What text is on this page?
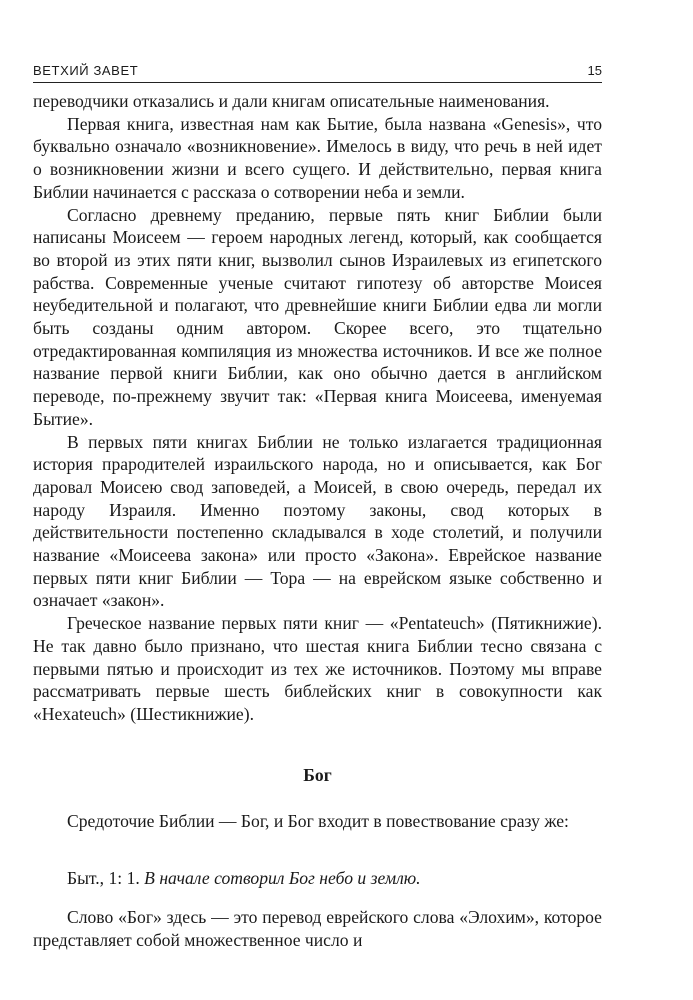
ВЕТХИЙ ЗАВЕТ	15

переводчики отказались и дали книгам описательные наименования.

Первая книга, известная нам как Бытие, была названа «Genesis», что буквально означало «возникновение». Имелось в виду, что речь в ней идет о возникновении жизни и всего сущего. И действительно, первая книга Библии начинается с рассказа о сотворении неба и земли.

Согласно древнему преданию, первые пять книг Библии были написаны Моисеем — героем народных легенд, который, как сообщается во второй из этих пяти книг, вызволил сынов Израилевых из египетского рабства. Современные ученые считают гипотезу об авторстве Моисея неубедительной и полагают, что древнейшие книги Библии едва ли могли быть созданы одним автором. Скорее всего, это тщательно отредактированная компиляция из множества источников. И все же полное название первой книги Библии, как оно обычно дается в английском переводе, по-прежнему звучит так: «Первая книга Моисеева, именуемая Бытие».

В первых пяти книгах Библии не только излагается традиционная история прародителей израильского народа, но и описывается, как Бог даровал Моисею свод заповедей, а Моисей, в свою очередь, передал их народу Израиля. Именно поэтому законы, свод которых в действительности постепенно складывался в ходе столетий, и получили название «Моисеева закона» или просто «Закона». Еврейское название первых пяти книг Библии — Тора — на еврейском языке собственно и означает «закон».

Греческое название первых пяти книг — «Pentateuch» (Пятикнижие). Не так давно было признано, что шестая книга Библии тесно связана с первыми пятью и происходит из тех же источников. Поэтому мы вправе рассматривать первые шесть библейских книг в совокупности как «Hexateuch» (Шестикнижие).

Бог

Средоточие Библии — Бог, и Бог входит в повествование сразу же:

Быт., 1: 1. В начале сотворил Бог небо и землю.

Слово «Бог» здесь — это перевод еврейского слова «Элохим», которое представляет собой множественное число и
